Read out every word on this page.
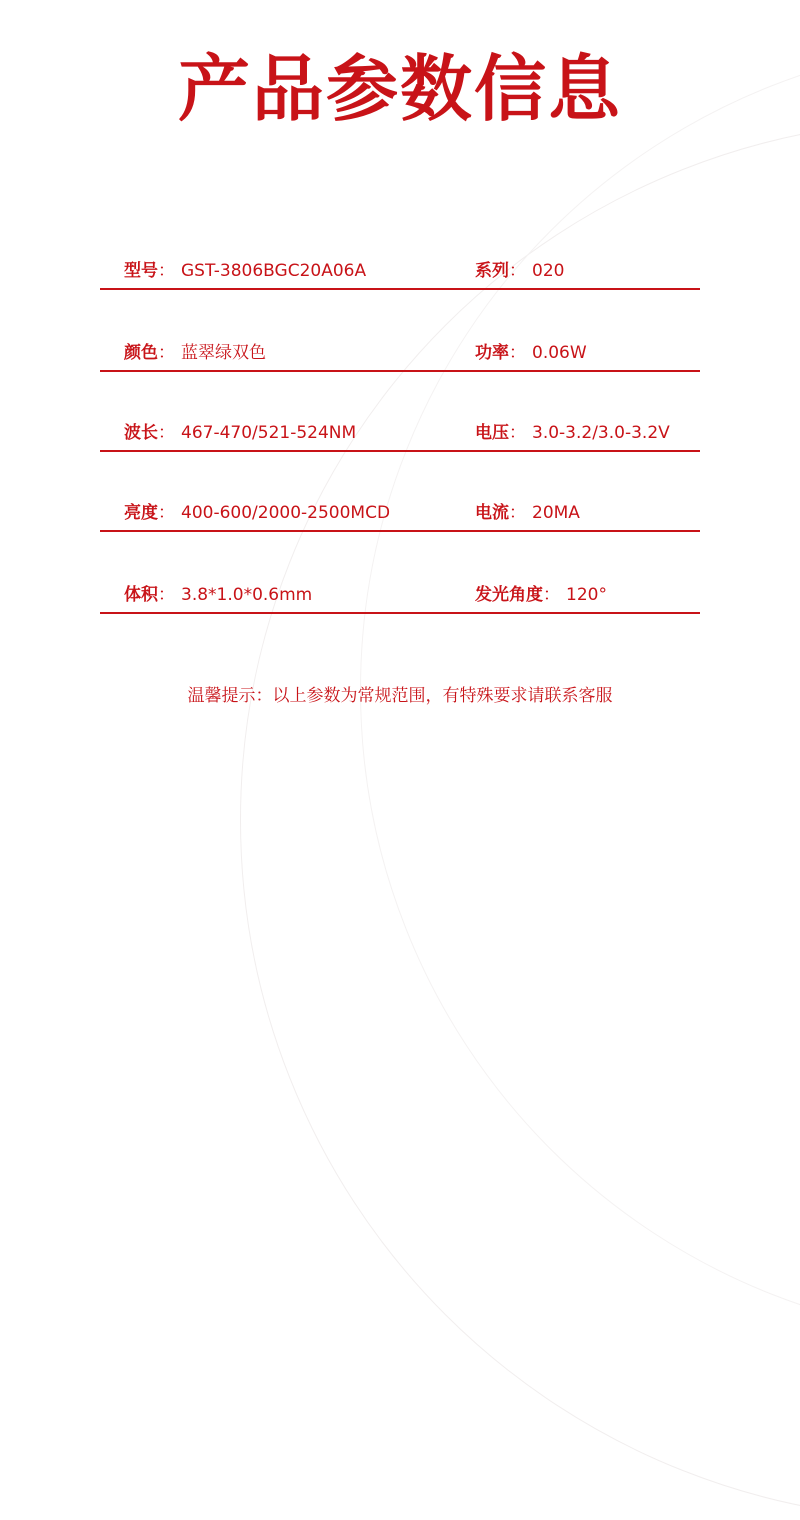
产品参数信息
型号： GST-3806BGC20A06A	系列： 020
颜色： 蓝翠绿双色	功率： 0.06W
波长： 467-470/521-524NM	电压： 3.0-3.2/3.0-3.2V
亮度： 400-600/2000-2500MCD	电流： 20MA
体积： 3.8*1.0*0.6mm	发光角度： 120°
温馨提示：以上参数为常规范围，有特殊要求请联系客服
